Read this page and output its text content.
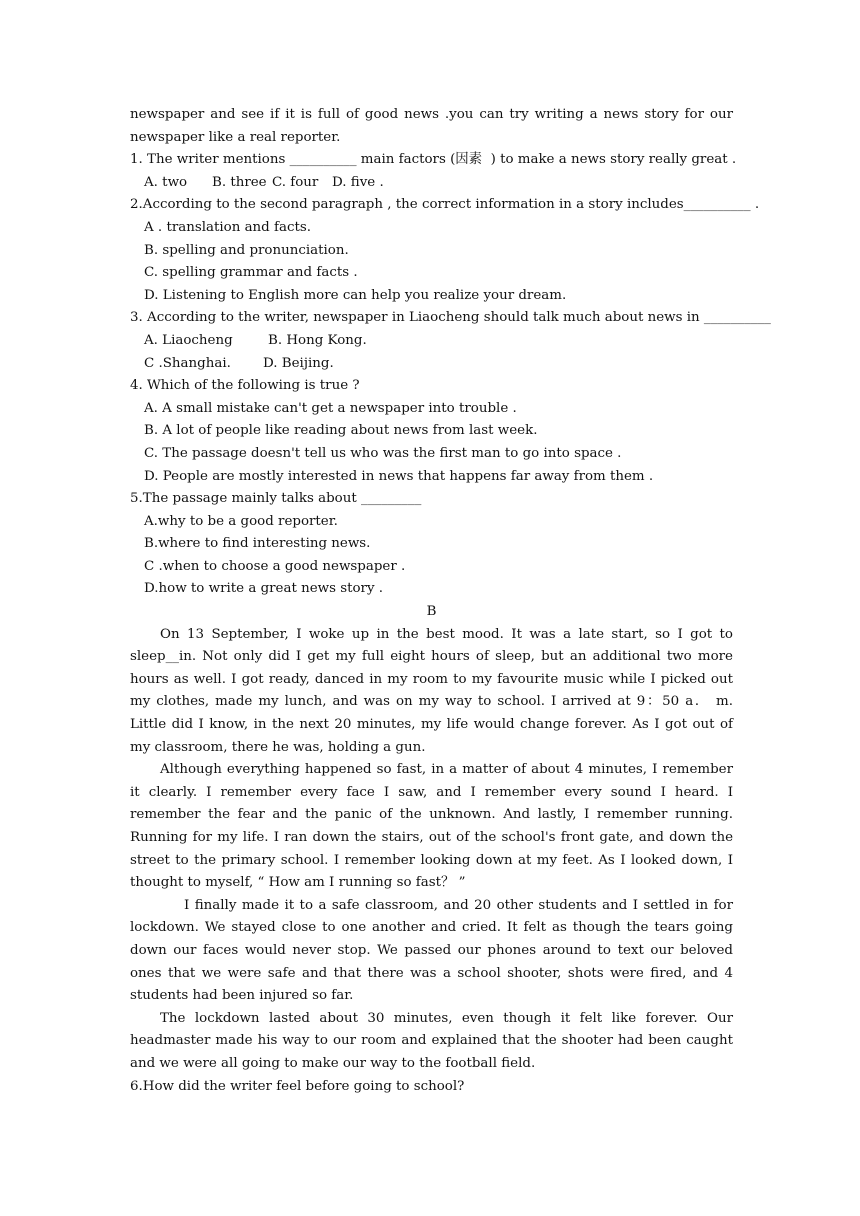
newspaper and see if it is full of good news .you can try writing a news story for our
newspaper like a real reporter.
1. The writer mentions __________ main factors (因素  ) to make a news story really great .
A. two B. three C. four D. five .
2.According to the second paragraph , the correct information in a story includes__________ .
A . translation and facts.
B. spelling and pronunciation.
C. spelling grammar and facts .
D. Listening to English more can help you realize your dream.
3. According to the writer, newspaper in Liaocheng should talk much about news in __________
A. Liaocheng	B. Hong Kong.
C .Shanghai. D. Beijing.
4. Which of the following is true ?
A. A small mistake can't get a newspaper into trouble .
B. A lot of people like reading about news from last week.
C. The passage doesn't tell us who was the first man to go into space .
D. People are mostly interested in news that happens far away from them .
5.The passage mainly talks about _________
A.why to be a good reporter.
B.where to find interesting news.
C .when to choose a good newspaper .
D.how to write a great news story .
B
On 13 September, I woke up in the best mood. It was a late start, so I got to sleep__in. Not only did I get my full eight hours of sleep, but an additional two more hours as well. I got ready, danced in my room to my favourite music while I picked out my clothes, made my lunch, and was on my way to school. I arrived at 9：50 a． m. Little did I know, in the next 20 minutes, my life would change forever. As I got out of my classroom, there he was, holding a gun.
Although everything happened so fast, in a matter of about 4 minutes, I remember it clearly. I remember every face I saw, and I remember every sound I heard. I remember the fear and the panic of the unknown. And lastly, I remember running. Running for my life. I ran down the stairs, out of the school's front gate, and down the street to the primary school. I remember looking down at my feet. As I looked down, I thought to myself, “ How am I running so fast？ ”
I finally made it to a safe classroom, and 20 other students and I settled in for lockdown. We stayed close to one another and cried. It felt as though the tears going down our faces would never stop. We passed our phones around to text our beloved ones that we were safe and that there was a school shooter, shots were fired, and 4 students had been injured so far.
The lockdown lasted about 30 minutes, even though it felt like forever. Our headmaster made his way to our room and explained that the shooter had been caught and we were all going to make our way to the football field.
6.How did the writer feel before going to school?
